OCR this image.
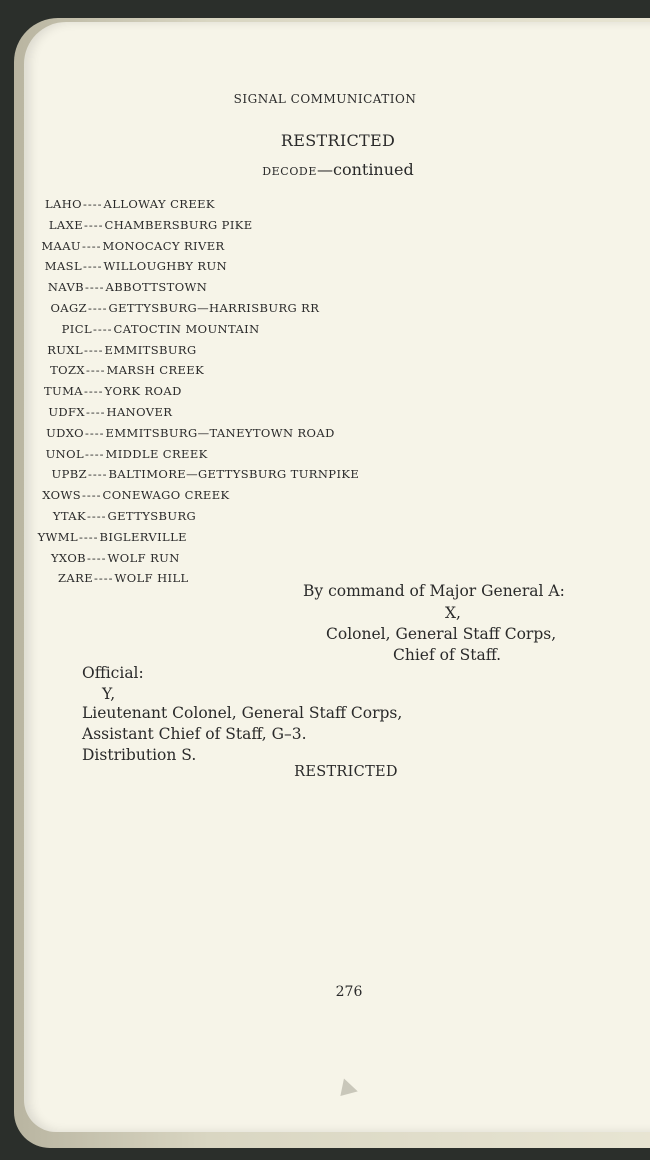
SIGNAL COMMUNICATION
RESTRICTED
DECODE—continued
LAHO----ALLOWAY CREEK
LAXE----CHAMBERSBURG PIKE
MAAU----MONOCACY RIVER
MASL----WILLOUGHBY RUN
NAVB----ABBOTTSTOWN
OAGZ----GETTYSBURG—HARRISBURG RR
PICL----CATOCTIN MOUNTAIN
RUXL----EMMITSBURG
TOZX----MARSH CREEK
TUMA----YORK ROAD
UDFX----HANOVER
UDXO----EMMITSBURG—TANEYTOWN ROAD
UNOL----MIDDLE CREEK
UPBZ----BALTIMORE—GETTYSBURG TURNPIKE
XOWS----CONEWAGO CREEK
YTAK----GETTYSBURG
YWML----BIGLERVILLE
YXOB----WOLF RUN
ZARE----WOLF HILL
By command of Major General A:
X,
Colonel, General Staff Corps,
Chief of Staff.
Official:
Y,
Lieutenant Colonel, General Staff Corps,
Assistant Chief of Staff, G–3.
Distribution S.
RESTRICTED
276
